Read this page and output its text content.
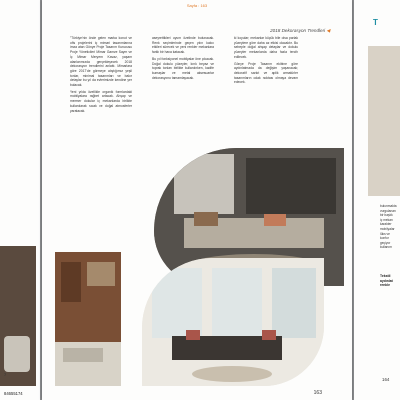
7
Sayfa : 163
2018 Dekorasyon Trendleri ◀

"Türkiye'nin önde gelen marka konut ve ofis projelerini iç mimari tasarımlarına imza atan Gönye Proje Tasarım Kurucusu Proje Yöneticileri Mimar Gamze Saym ve İç Mimar Meryem Kavaz, yaşam alanlarımızda gerçekleşecek 2018 dekorasyon trendlerini anlattı. Mimarlara göre 2017'de görmeye alıştığımız yeşil tonlar, minimal tasarımları ve bakır detaylar bu yıl da evlerimizde kendine yer bulacak.

Yeni yılda özellikle organik formlardaki mobilyalara rağbet artacak. Ahşap ve mermer dokular iç mekanlarda birlikte kullanılarak sıcak ve doğal atmosferler yaratacak.

aseyrettikleri uyum özelinde bulunacak. Renk seçimlerinde geçen yılın kalıcı etkileri sürecek ve yeni renkler mekanlara farklı bir hava katacak.

Bu yıl fonksiyonel mobilyalar öne çıkacak. Doğal dokulu yüzeyler, kırık beyaz ve toprak tonları birlikte kullanılırken, kadife kumaşlar ve metal aksesuarlar dekorasyonu tamamlayacak.

ki koyular; mekanlar küçük bile olsa parlak yüzeylere göre daha az etkisi olacaktır. Bu sebeple doğal ahşap detaylar ve dokulu yüzeyler mekanlarda daha fazla tercih edilecek.

Gönye Proje Tasarım ekibine göre aydınlatmada da değişim yaşanacak; dekoratif sarkıt ve aplik armatürler tasarımların odak noktası olmaya devam edecek.

163
T
bulunmakta
vurgulanan
bir başlık
iç mekan
karakter
mobilyalar
lüks ve
konfor
geçiyor
kullanım
Tekstil
aydınlat
renkle
164
84655174
